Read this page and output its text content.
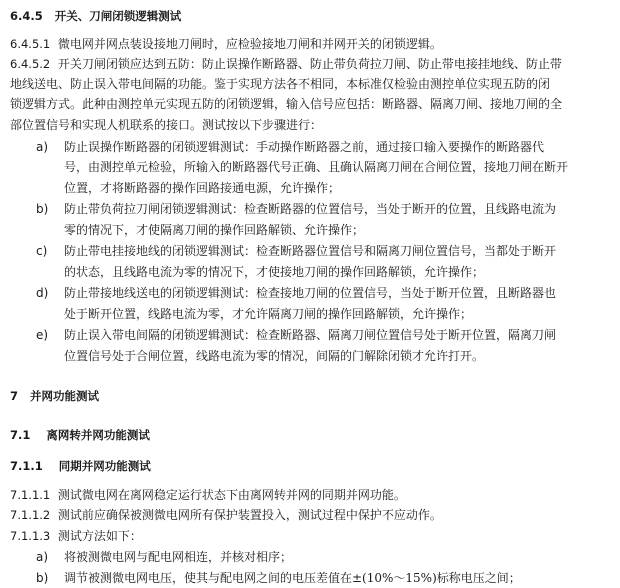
6.4.5 开关、刀闸闭锁逻辑测试
6.4.5.1 微电网并网点装设接地刀闸时，应检验接地刀闸和并网开关的闭锁逻辑。
6.4.5.2 开关刀闸闭锁应达到五防：防止误操作断路器、防止带负荷拉刀闸、防止带电接挂地线、防止带
地线送电、防止误入带电间隔的功能。鉴于实现方法各不相同，本标准仅检验由测控单位实现五防的闭
锁逻辑方式。此种由测控单元实现五防的闭锁逻辑，输入信号应包括：断路器、隔离刀闸、接地刀闸的全
部位置信号和实现人机联系的接口。测试按以下步骤进行：
a) 防止误操作断路器的闭锁逻辑测试：手动操作断路器之前，通过接口输入要操作的断路器代
号，由测控单元检验，所输入的断路器代号正确、且确认隔离刀闸在合闸位置，接地刀闸在断开
位置，才将断路器的操作回路接通电源，允许操作；
b) 防止带负荷拉刀闸闭锁逻辑测试：检查断路器的位置信号，当处于断开的位置，且线路电流为
零的情况下，才使隔离刀闸的操作回路解锁、允许操作；
c) 防止带电挂接地线的闭锁逻辑测试：检查断路器位置信号和隔离刀闸位置信号，当都处于断开
的状态，且线路电流为零的情况下，才使接地刀闸的操作回路解锁，允许操作；
d) 防止带接地线送电的闭锁逻辑测试：检查接地刀闸的位置信号，当处于断开位置，且断路器也
处于断开位置，线路电流为零，才允许隔离刀闸的操作回路解锁，允许操作；
e) 防止误入带电间隔的闭锁逻辑测试：检查断路器、隔离刀闸位置信号处于断开位置，隔离刀闸
位置信号处于合闸位置，线路电流为零的情况，间隔的门解除闭锁才允许打开。
7 并网功能测试
7.1 离网转并网功能测试
7.1.1 同期并网功能测试
7.1.1.1 测试微电网在离网稳定运行状态下由离网转并网的同期并网功能。
7.1.1.2 测试前应确保被测微电网所有保护装置投入，测试过程中保护不应动作。
7.1.1.3 测试方法如下：
a) 将被测微电网与配电网相连，并核对相序；
b) 调节被测微电网电压，使其与配电网之间的电压差值在±(10%～15%)标称电压之间；
